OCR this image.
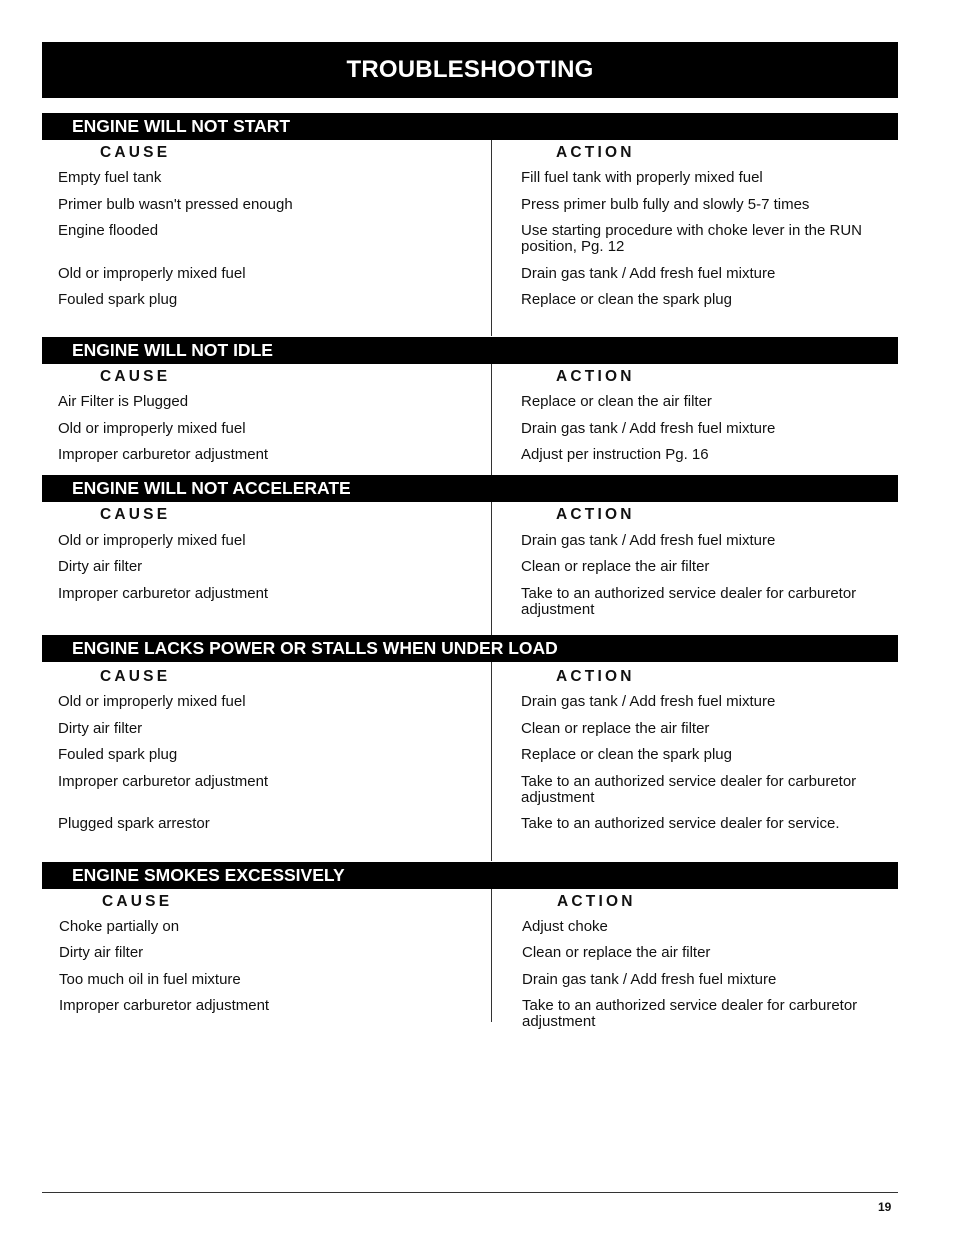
TROUBLESHOOTING
ENGINE WILL NOT START
CAUSE	ACTION
Empty fuel tank	Fill fuel tank with properly mixed fuel
Primer bulb wasn't pressed enough	Press primer bulb fully and slowly 5-7 times
Engine flooded	Use starting procedure with choke lever in the RUN position, Pg. 12
Old or improperly mixed fuel	Drain gas tank / Add fresh fuel mixture
Fouled spark plug	Replace or clean the spark plug
ENGINE WILL NOT IDLE
CAUSE	ACTION
Air Filter is Plugged	Replace or clean the air filter
Old or improperly mixed fuel	Drain gas tank / Add fresh fuel mixture
Improper carburetor adjustment	Adjust per instruction Pg. 16
ENGINE WILL NOT ACCELERATE
CAUSE	ACTION
Old or improperly mixed fuel	Drain gas tank / Add fresh fuel mixture
Dirty air filter	Clean or replace the air filter
Improper carburetor adjustment	Take to an authorized service dealer for carburetor adjustment
ENGINE LACKS POWER OR STALLS WHEN UNDER LOAD
CAUSE	ACTION
Old or improperly mixed fuel	Drain gas tank / Add fresh fuel mixture
Dirty air filter	Clean or replace the air filter
Fouled spark plug	Replace or clean the spark plug
Improper carburetor adjustment	Take to an authorized service dealer for carburetor adjustment
Plugged spark arrestor	Take to an authorized service dealer for service.
ENGINE SMOKES EXCESSIVELY
CAUSE	ACTION
Choke partially on	Adjust choke
Dirty air filter	Clean or replace the air filter
Too much oil in fuel mixture	Drain gas tank / Add fresh fuel mixture
Improper carburetor adjustment	Take to an authorized service dealer for carburetor adjustment
19
